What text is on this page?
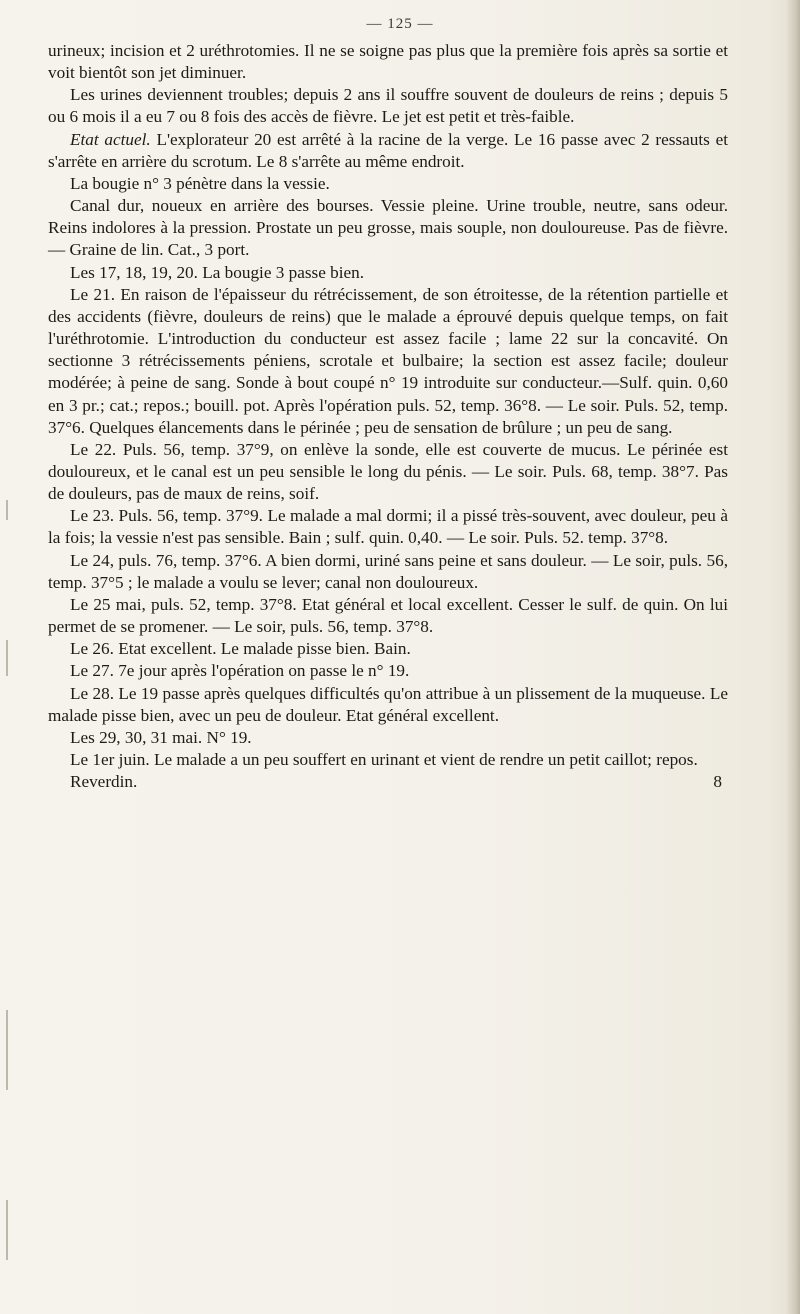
— 125 —

urineux; incision et 2 uréthrotomies. Il ne se soigne pas plus que la première fois après sa sortie et voit bientôt son jet diminuer.

Les urines deviennent troubles; depuis 2 ans il souffre souvent de douleurs de reins ; depuis 5 ou 6 mois il a eu 7 ou 8 fois des accès de fièvre. Le jet est petit et très-faible.

Etat actuel. L'explorateur 20 est arrêté à la racine de la verge. Le 16 passe avec 2 ressauts et s'arrête en arrière du scrotum. Le 8 s'arrête au même endroit.

La bougie n° 3 pénètre dans la vessie.

Canal dur, noueux en arrière des bourses. Vessie pleine. Urine trouble, neutre, sans odeur. Reins indolores à la pression. Prostate un peu grosse, mais souple, non douloureuse. Pas de fièvre. — Graine de lin. Cat., 3 port.

Les 17, 18, 19, 20. La bougie 3 passe bien.

Le 21. En raison de l'épaisseur du rétrécissement, de son étroitesse, de la rétention partielle et des accidents (fièvre, douleurs de reins) que le malade a éprouvé depuis quelque temps, on fait l'uréthrotomie. L'introduction du conducteur est assez facile ; lame 22 sur la concavité. On sectionne 3 rétrécissements péniens, scrotale et bulbaire; la section est assez facile; douleur modérée; à peine de sang. Sonde à bout coupé n° 19 introduite sur conducteur.—Sulf. quin. 0,60 en 3 pr.; cat.; repos.; bouill. pot. Après l'opération puls. 52, temp. 36°8. — Le soir. Puls. 52, temp. 37°6. Quelques élancements dans le périnée ; peu de sensation de brûlure ; un peu de sang.

Le 22. Puls. 56, temp. 37°9, on enlève la sonde, elle est couverte de mucus. Le périnée est douloureux, et le canal est un peu sensible le long du pénis. — Le soir. Puls. 68, temp. 38°7. Pas de douleurs, pas de maux de reins, soif.

Le 23. Puls. 56, temp. 37°9. Le malade a mal dormi; il a pissé très-souvent, avec douleur, peu à la fois; la vessie n'est pas sensible. Bain ; sulf. quin. 0,40. — Le soir. Puls. 52. temp. 37°8.

Le 24, puls. 76, temp. 37°6. A bien dormi, uriné sans peine et sans douleur. — Le soir, puls. 56, temp. 37°5 ; le malade a voulu se lever; canal non douloureux.

Le 25 mai, puls. 52, temp. 37°8. Etat général et local excellent. Cesser le sulf. de quin. On lui permet de se promener. — Le soir, puls. 56, temp. 37°8.

Le 26. Etat excellent. Le malade pisse bien. Bain.

Le 27. 7e jour après l'opération on passe le n° 19.

Le 28. Le 19 passe après quelques difficultés qu'on attribue à un plissement de la muqueuse. Le malade pisse bien, avec un peu de douleur. Etat général excellent.

Les 29, 30, 31 mai. N° 19.

Le 1er juin. Le malade a un peu souffert en urinant et vient de rendre un petit caillot; repos.

Reverdin.	8
